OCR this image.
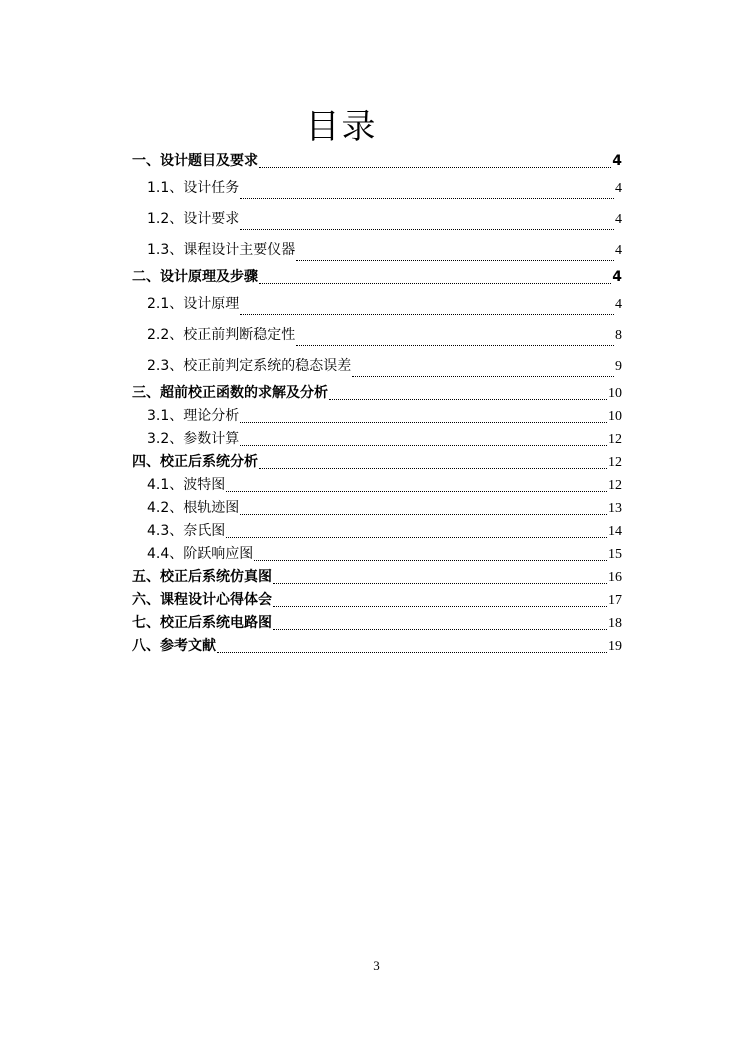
目录
一、设计题目及要求	4
1.1、设计任务	4
1.2、设计要求	4
1.3、课程设计主要仪器	4
二、设计原理及步骤	4
2.1、设计原理	4
2.2、校正前判断稳定性	8
2.3、校正前判定系统的稳态误差	9
三、超前校正函数的求解及分析	10
3.1、理论分析	10
3.2、参数计算	12
四、校正后系统分析	12
4.1、波特图	12
4.2、根轨迹图	13
4.3、奈氏图	14
4.4、阶跃响应图	15
五、校正后系统仿真图	16
六、课程设计心得体会	17
七、校正后系统电路图	18
八、参考文献	19
3
